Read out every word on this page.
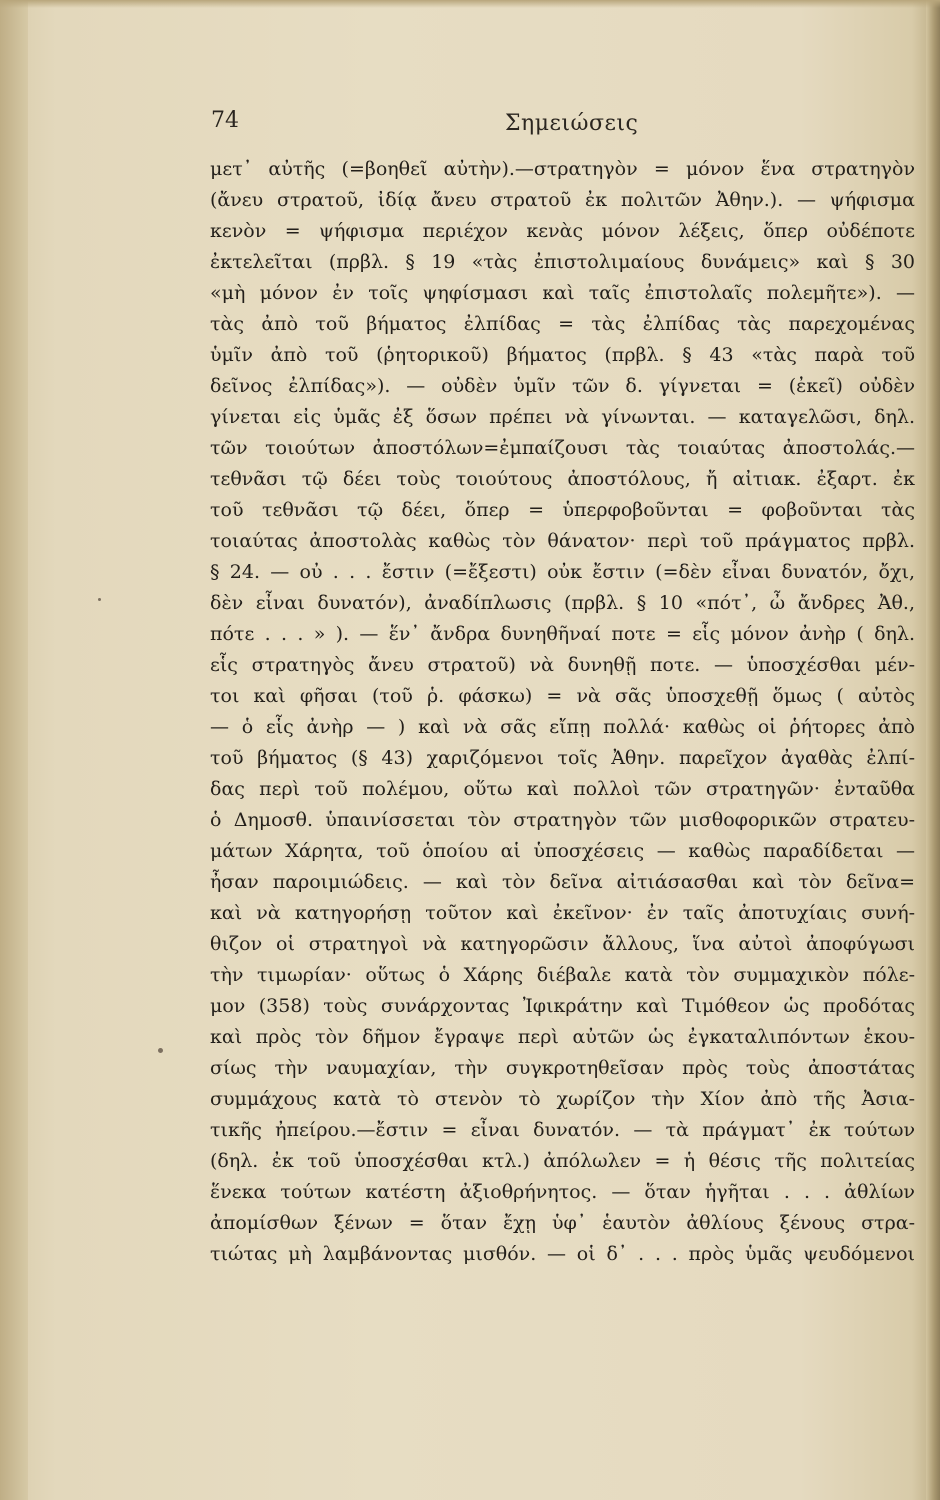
74	Σημειώσεις
μετ᾽ αὐτῆς (=βοηθεῖ αὐτὴν).—στρατηγὸν = μόνον ἕνα στρατηγὸν
(ἄνευ στρατοῦ, ἰδίᾳ ἄνευ στρατοῦ ἐκ πολιτῶν Ἀθην.). — ψήφισμα
κενὸν = ψήφισμα περιέχον κενὰς μόνον λέξεις, ὅπερ οὐδέποτε
ἐκτελεῖται (πρβλ. § 19 «τὰς ἐπιστολιμαίους δυνάμεις» καὶ § 30
«μὴ μόνον ἐν τοῖς ψηφίσμασι καὶ ταῖς ἐπιστολαῖς πολεμῆτε»). —
τὰς ἀπὸ τοῦ βήματος ἐλπίδας = τὰς ἐλπίδας τὰς παρεχομένας
ὑμῖν ἀπὸ τοῦ (ῥητορικοῦ) βήματος (πρβλ. § 43 «τὰς παρὰ τοῦ
δεῖνος ἐλπίδας»). — οὐδὲν ὑμῖν τῶν δ. γίγνεται = (ἐκεῖ) οὐδὲν
γίνεται εἰς ὑμᾶς ἐξ ὅσων πρέπει νὰ γίνωνται. — καταγελῶσι, δηλ.
τῶν τοιούτων ἀποστόλων=ἐμπαίζουσι τὰς τοιαύτας ἀποστολάς.—
τεθνᾶσι τῷ δέει τοὺς τοιούτους ἀποστόλους, ἤ αἰτιακ. ἐξαρτ. ἐκ
τοῦ τεθνᾶσι τῷ δέει, ὅπερ = ὑπερφοβοῦνται = φοβοῦνται τὰς
τοιαύτας ἀποστολὰς καθὼς τὸν θάνατον· περὶ τοῦ πράγματος πρβλ.
§ 24. — οὐ . . . ἔστιν (=ἔξεστι) οὐκ ἔστιν (=δὲν εἶναι δυνατόν, ὄχι,
δὲν εἶναι δυνατόν), ἀναδίπλωσις (πρβλ. § 10 «πότ᾽, ὦ ἄνδρες Ἀθ.,
πότε . . . » ). — ἕν᾽ ἄνδρα δυνηθῆναί ποτε = εἷς μόνον ἀνὴρ ( δηλ.
εἷς στρατηγὸς ἄνευ στρατοῦ) νὰ δυνηθῇ ποτε. — ὑποσχέσθαι μέν-
τοι καὶ φῆσαι (τοῦ ῥ. φάσκω) = νὰ σᾶς ὑποσχεθῇ ὅμως ( αὐτὸς
— ὁ εἷς ἀνὴρ — ) καὶ νὰ σᾶς εἴπῃ πολλά· καθὼς οἱ ῥήτορες ἀπὸ
τοῦ βήματος (§ 43) χαριζόμενοι τοῖς Ἀθην. παρεῖχον ἀγαθὰς ἐλπί-
δας περὶ τοῦ πολέμου, οὕτω καὶ πολλοὶ τῶν στρατηγῶν· ἐνταῦθα
ὁ Δημοσθ. ὑπαινίσσεται τὸν στρατηγὸν τῶν μισθοφορικῶν στρατευ-
μάτων Χάρητα, τοῦ ὁποίου αἱ ὑποσχέσεις — καθὼς παραδίδεται —
ἦσαν παροιμιώδεις. — καὶ τὸν δεῖνα αἰτιάσασθαι καὶ τὸν δεῖνα=
καὶ νὰ κατηγορήσῃ τοῦτον καὶ ἐκεῖνον· ἐν ταῖς ἀποτυχίαις συνή-
θιζον οἱ στρατηγοὶ νὰ κατηγορῶσιν ἄλλους, ἵνα αὐτοὶ ἀποφύγωσι
τὴν τιμωρίαν· οὕτως ὁ Χάρης διέβαλε κατὰ τὸν συμμαχικὸν πόλε-
μον (358) τοὺς συνάρχοντας Ἰφικράτην καὶ Τιμόθεον ὡς προδότας
καὶ πρὸς τὸν δῆμον ἔγραψε περὶ αὐτῶν ὡς ἐγκαταλιπόντων ἑκου-
σίως τὴν ναυμαχίαν, τὴν συγκροτηθεῖσαν πρὸς τοὺς ἀποστάτας
συμμάχους κατὰ τὸ στενὸν τὸ χωρίζον τὴν Χίον ἀπὸ τῆς Ἀσια-
τικῆς ἠπείρου.—ἔστιν = εἶναι δυνατόν. — τὰ πράγματ᾽ ἐκ τούτων
(δηλ. ἐκ τοῦ ὑποσχέσθαι κτλ.) ἀπόλωλεν = ἡ θέσις τῆς πολιτείας
ἕνεκα τούτων κατέστη ἀξιοθρήνητος. — ὅταν ἡγῆται . . . ἀθλίων
ἀπομίσθων ξένων = ὅταν ἔχῃ ὑφ᾽ ἑαυτὸν ἀθλίους ξένους στρα-
τιώτας μὴ λαμβάνοντας μισθόν. — οἱ δ᾽ . . . πρὸς ὑμᾶς ψευδόμενοι
